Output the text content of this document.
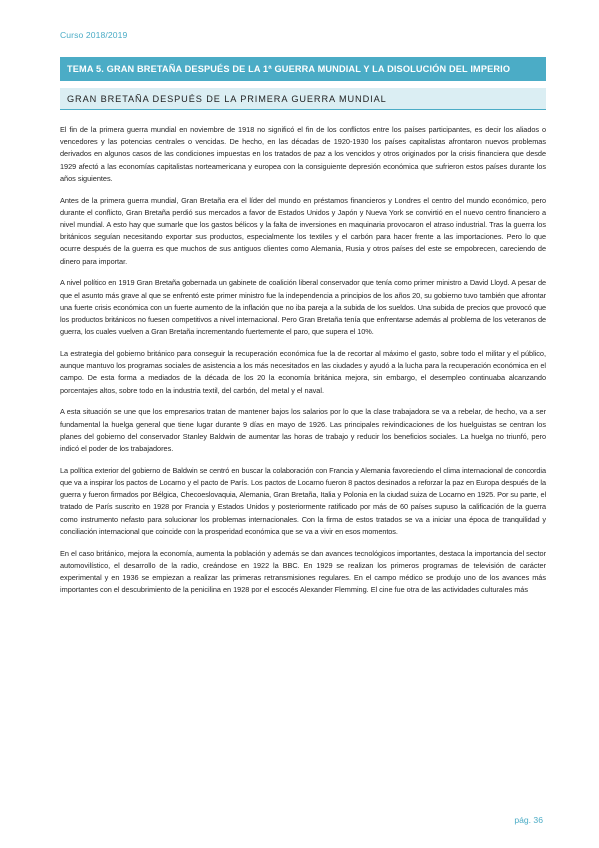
Curso 2018/2019
TEMA 5. GRAN BRETAÑA DESPUÉS DE LA 1ª GUERRA MUNDIAL Y LA DISOLUCIÓN DEL IMPERIO
GRAN BRETAÑA DESPUÉS DE LA PRIMERA GUERRA MUNDIAL

El fin de la primera guerra mundial en noviembre de 1918 no significó el fin de los conflictos entre los países participantes, es decir los aliados o vencedores y las potencias centrales o vencidas. De hecho, en las décadas de 1920-1930 los países capitalistas afrontaron nuevos problemas derivados en algunos casos de las condiciones impuestas en los tratados de paz a los vencidos y otros originados por la crisis financiera que desde 1929 afectó a las economías capitalistas norteamericana y europea con la consiguiente depresión económica que sufrieron estos países durante los años siguientes.

Antes de la primera guerra mundial, Gran Bretaña era el líder del mundo en préstamos financieros y Londres el centro del mundo económico, pero durante el conflicto, Gran Bretaña perdió sus mercados a favor de Estados Unidos y Japón y Nueva York se convirtió en el nuevo centro financiero a nivel mundial. A esto hay que sumarle que los gastos bélicos y la falta de inversiones en maquinaria provocaron el atraso industrial. Tras la guerra los británicos seguían necesitando exportar sus productos, especialmente los textiles y el carbón para hacer frente a las importaciones. Pero lo que ocurre después de la guerra es que muchos de sus antiguos clientes como Alemania, Rusia y otros países del este se empobrecen, careciendo de dinero para importar.

A nivel político en 1919 Gran Bretaña gobernada un gabinete de coalición liberal conservador que tenía como primer ministro a David Lloyd. A pesar de que el asunto más grave al que se enfrentó este primer ministro fue la independencia a principios de los años 20, su gobierno tuvo también que afrontar una fuerte crisis económica con un fuerte aumento de la inflación que no iba pareja a la subida de los sueldos. Una subida de precios que provocó que los productos británicos no fuesen competitivos a nivel internacional. Pero Gran Bretaña tenía que enfrentarse además al problema de los veteranos de guerra, los cuales vuelven a Gran Bretaña incrementando fuertemente el paro, que supera el 10%.

La estrategia del gobierno británico para conseguir la recuperación económica fue la de recortar al máximo el gasto, sobre todo el militar y el público, aunque mantuvo los programas sociales de asistencia a los más necesitados en las ciudades y ayudó a la lucha para la recuperación económica en el campo. De esta forma a mediados de la década de los 20 la economía británica mejora, sin embargo, el desempleo continuaba alcanzando porcentajes altos, sobre todo en la industria textil, del carbón, del metal y el naval.

A esta situación se une que los empresarios tratan de mantener bajos los salarios por lo que la clase trabajadora se va a rebelar, de hecho, va a ser fundamental la huelga general que tiene lugar durante 9 días en mayo de 1926. Las principales reivindicaciones de los huelguistas se centran los planes del gobierno del conservador Stanley Baldwin de aumentar las horas de trabajo y reducir los beneficios sociales. La huelga no triunfó, pero indicó el poder de los trabajadores.

La política exterior del gobierno de Baldwin se centró en buscar la colaboración con Francia y Alemania favoreciendo el clima internacional de concordia que va a inspirar los pactos de Locarno y el pacto de París. Los pactos de Locarno fueron 8 pactos desinados a reforzar la paz en Europa después de la guerra y fueron firmados por Bélgica, Checoeslovaquia, Alemania, Gran Bretaña, Italia y Polonia en la ciudad suiza de Locarno en 1925. Por su parte, el tratado de París suscrito en 1928 por Francia y Estados Unidos y posteriormente ratificado por más de 60 países supuso la calificación de la guerra como instrumento nefasto para solucionar los problemas internacionales. Con la firma de estos tratados se va a iniciar una época de tranquilidad y conciliación internacional que coincide con la prosperidad económica que se va a vivir en esos momentos.

En el caso británico, mejora la economía, aumenta la población y además se dan avances tecnológicos importantes, destaca la importancia del sector automovilístico, el desarrollo de la radio, creándose en 1922 la BBC. En 1929 se realizan los primeros programas de televisión de carácter experimental y en 1936 se empiezan a realizar las primeras retransmisiones regulares. En el campo médico se produjo uno de los avances más importantes con el descubrimiento de la penicilina en 1928 por el escocés Alexander Flemming. El cine fue otra de las actividades culturales más

pág. 36
